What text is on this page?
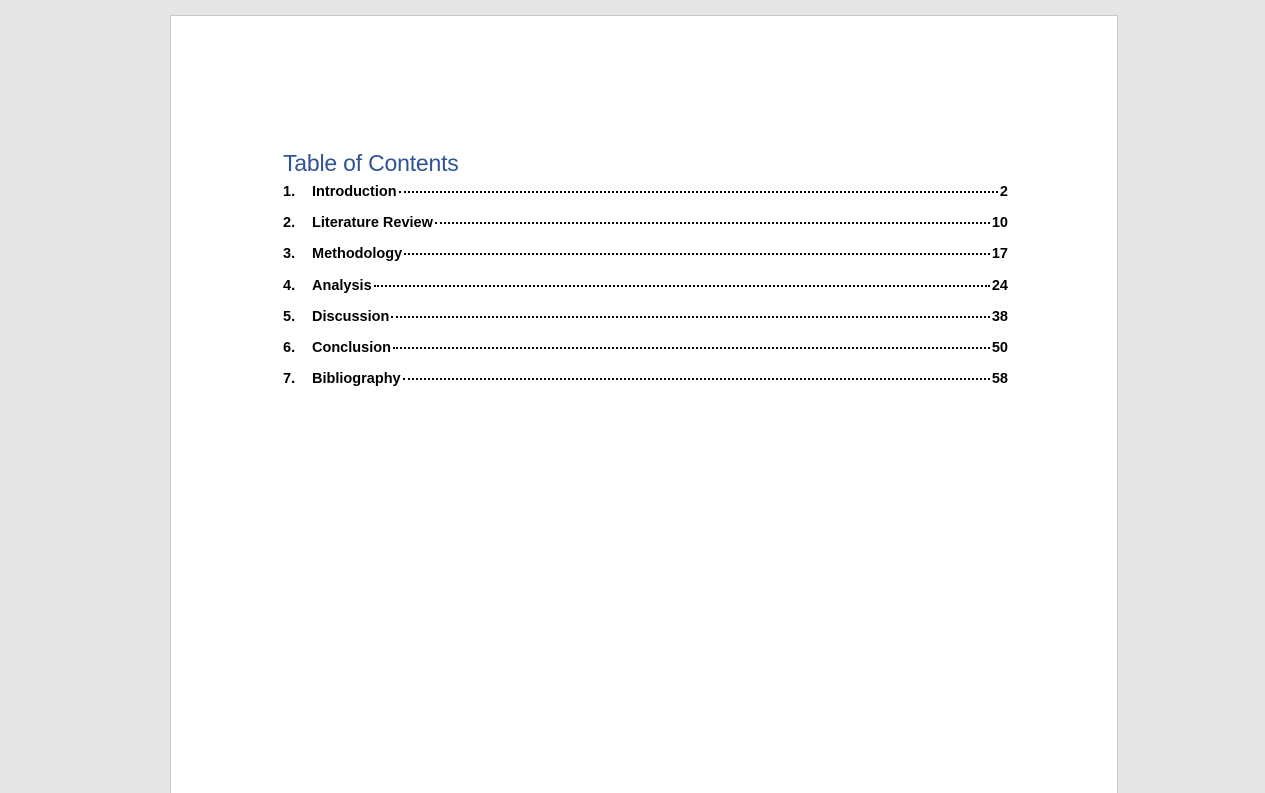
Table of Contents
1.	Introduction	2
2.	Literature Review	10
3.	Methodology	17
4.	Analysis	24
5.	Discussion	38
6.	Conclusion	50
7.	Bibliography	58
